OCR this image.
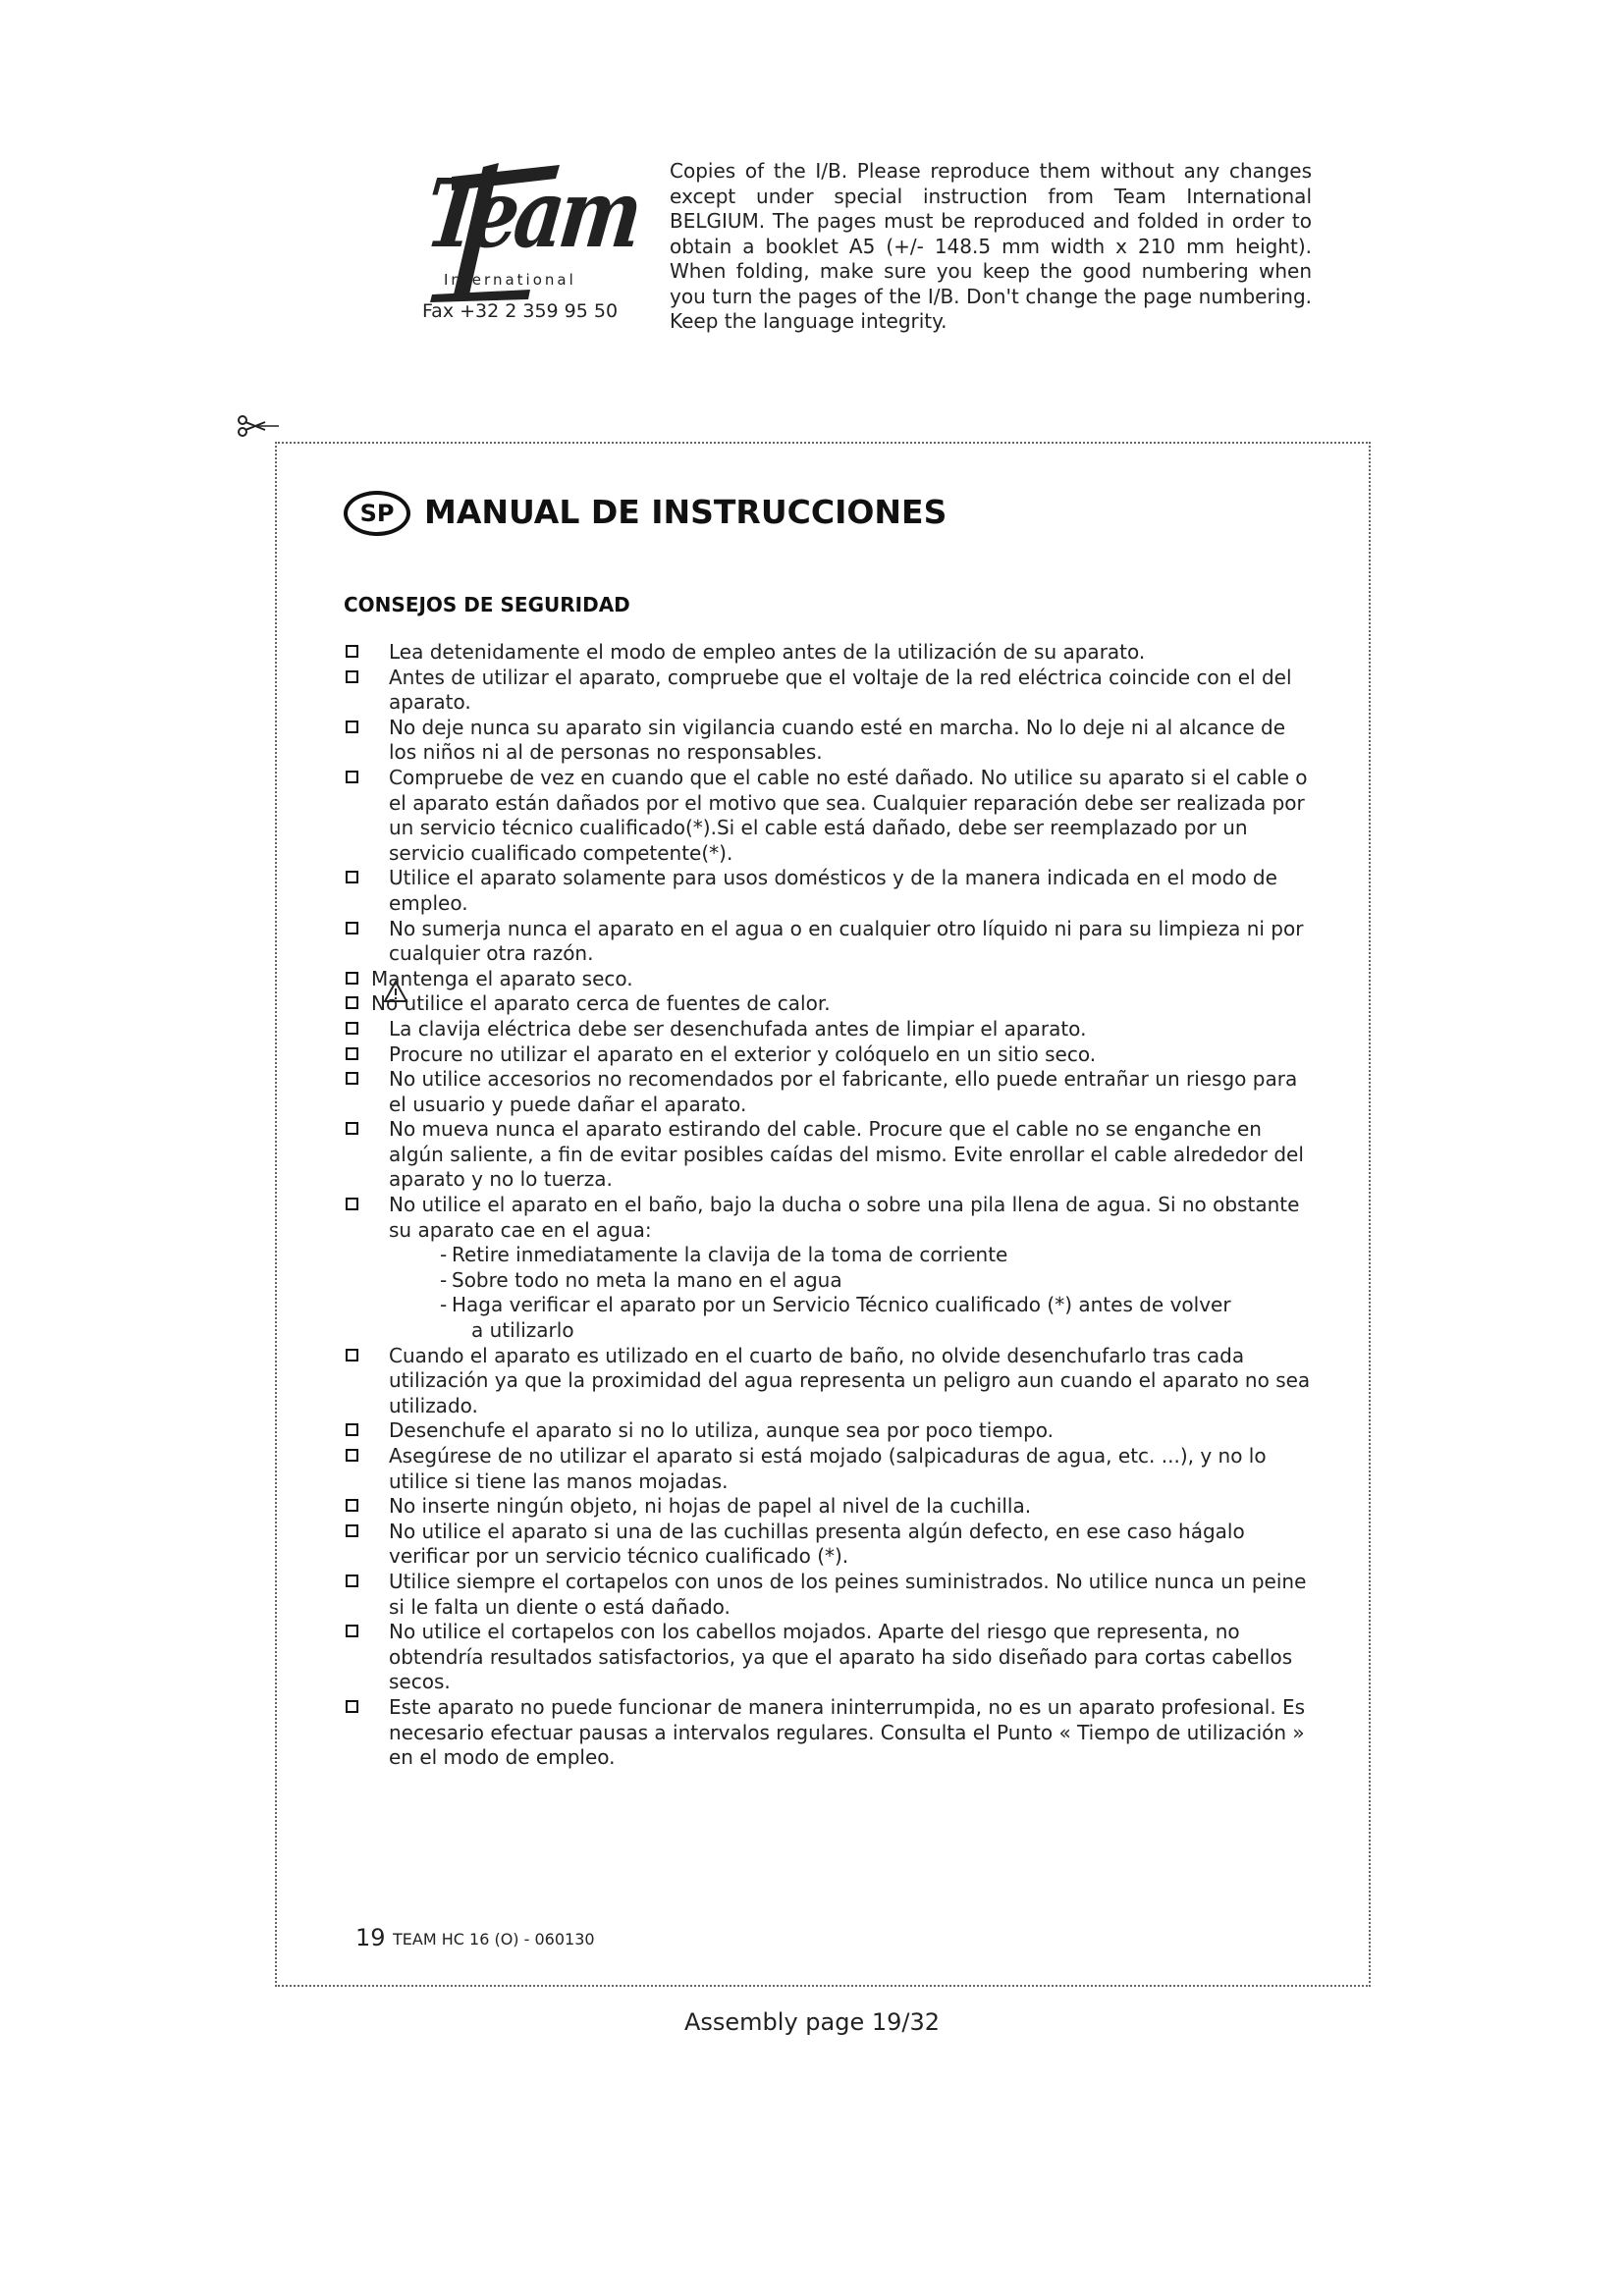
Team
International
Fax +32 2 359 95 50
Copies of the I/B. Please reproduce them without any changes except under special instruction from Team International BELGIUM. The pages must be reproduced and folded in order to obtain a booklet A5 (+/- 148.5 mm width x 210 mm height). When folding, make sure you keep the good numbering when you turn the pages of the I/B. Don't change the page numbering. Keep the language integrity.
SP MANUAL DE INSTRUCCIONES
CONSEJOS DE SEGURIDAD
Lea detenidamente el modo de empleo antes de la utilización de su aparato.
Antes de utilizar el aparato, compruebe que el voltaje de la red eléctrica coincide con el del aparato.
No deje nunca su aparato sin vigilancia cuando esté en marcha. No lo deje ni al alcance de los niños ni al de personas no responsables.
Compruebe de vez en cuando que el cable no esté dañado. No utilice su aparato si el cable o el aparato están dañados por el motivo que sea. Cualquier reparación debe ser realizada por un servicio técnico cualificado(*).Si el cable está dañado, debe ser reemplazado por un servicio cualificado competente(*).
Utilice el aparato solamente para usos domésticos y de la manera indicada en el modo de empleo.
No sumerja nunca el aparato en el agua o en cualquier otro líquido ni para su limpieza ni por cualquier otra razón.
Mantenga el aparato seco.
No utilice el aparato cerca de fuentes de calor.
La clavija eléctrica debe ser desenchufada antes de limpiar el aparato.
Procure no utilizar el aparato en el exterior y colóquelo en un sitio seco.
No utilice accesorios no recomendados por el fabricante, ello puede entrañar un riesgo para el usuario y puede dañar el aparato.
No mueva nunca el aparato estirando del cable. Procure que el cable no se enganche en algún saliente, a fin de evitar posibles caídas del mismo. Evite enrollar el cable alrededor del aparato y no lo tuerza.
No utilice el aparato en el baño, bajo la ducha o sobre una pila llena de agua. Si no obstante su aparato cae en el agua:
- Retire inmediatamente la clavija de la toma de corriente
- Sobre todo no meta la mano en el agua
- Haga verificar el aparato por un Servicio Técnico cualificado (*) antes de volver
a utilizarlo
Cuando el aparato es utilizado en el cuarto de baño, no olvide desenchufarlo tras cada utilización ya que la proximidad del agua representa un peligro aun cuando el aparato no sea utilizado.
Desenchufe el aparato si no lo utiliza, aunque sea por poco tiempo.
Asegúrese de no utilizar el aparato si está mojado (salpicaduras de agua, etc. ...), y no lo utilice si tiene las manos mojadas.
No inserte ningún objeto, ni hojas de papel al nivel de la cuchilla.
No utilice el aparato si una de las cuchillas presenta algún defecto, en ese caso hágalo verificar por un servicio técnico cualificado (*).
Utilice siempre el cortapelos con unos de los peines suministrados. No utilice nunca un peine si le falta un diente o está dañado.
No utilice el cortapelos con los cabellos mojados. Aparte del riesgo que representa, no obtendría resultados satisfactorios, ya que el aparato ha sido diseñado para cortas cabellos secos.
Este aparato no puede funcionar de manera ininterrumpida, no es un aparato profesional. Es necesario efectuar pausas a intervalos regulares. Consulta el Punto « Tiempo de utilización » en el modo de empleo.
19 TEAM HC 16 (O) - 060130
Assembly page 19/32
